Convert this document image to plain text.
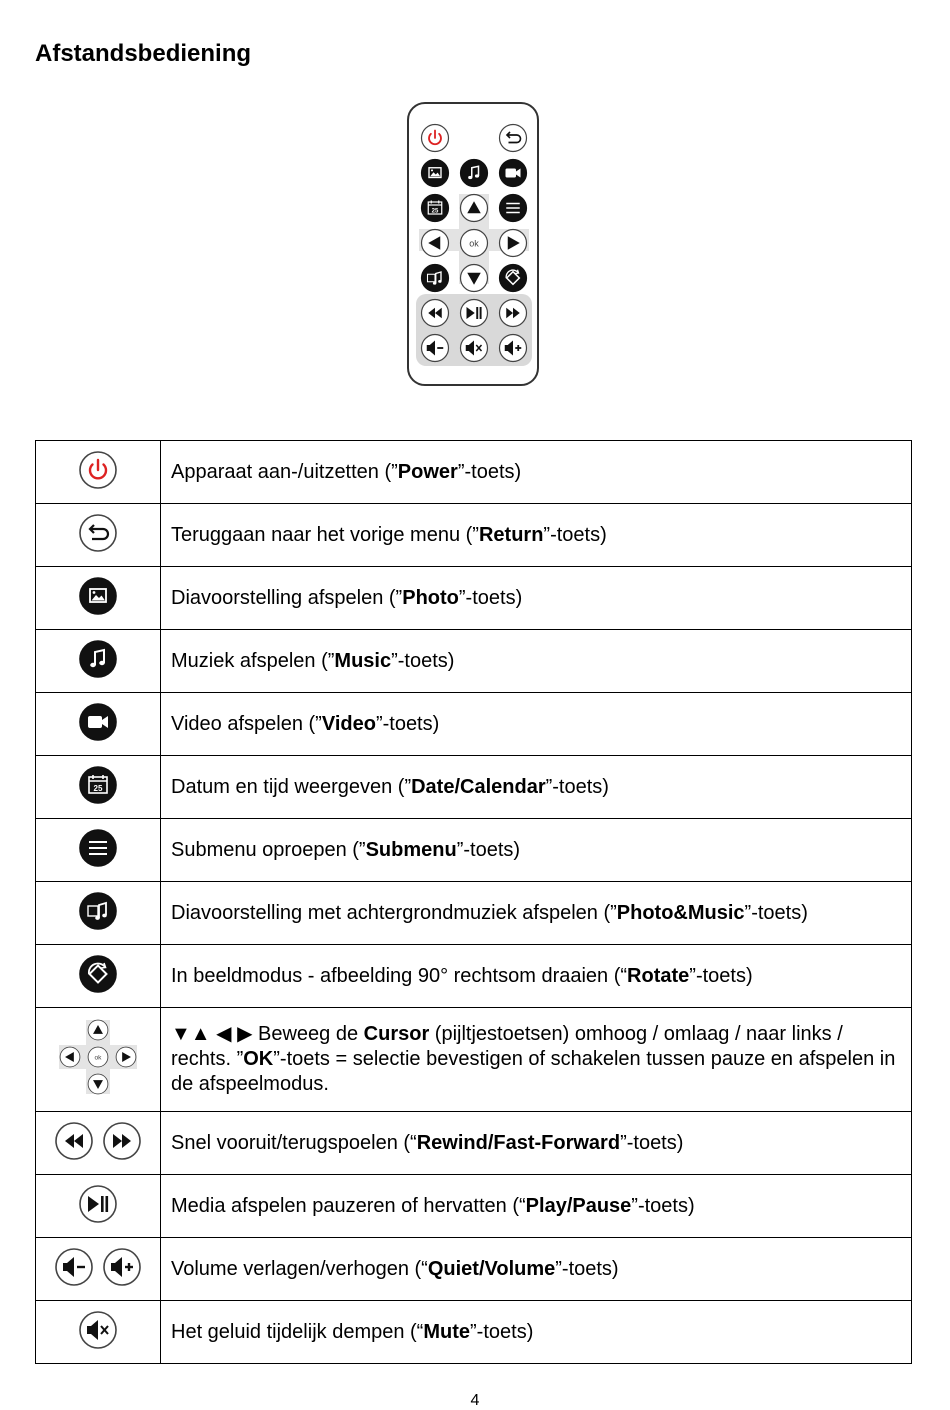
Afstandsbediening
25
ok
	Apparaat aan-/uitzetten (”Power”-toets)

	Teruggaan naar het vorige menu (”Return”-toets)

	Diavoorstelling afspelen (”Photo”-toets)

	Muziek afspelen (”Music”-toets)

	Video afspelen (”Video”-toets)

25	Datum en tijd weergeven (”Date/Calendar”-toets)

	Submenu oproepen (”Submenu”-toets)

	Diavoorstelling met achtergrondmuziek afspelen (”Photo&Music”-toets)

	In beeldmodus - afbeelding 90° rechtsom draaien (“Rotate”-toets)

ok	▼▲ ◀ ▶ Beweeg de Cursor (pijltjestoetsen) omhoog / omlaag / naar links / rechts. ”OK”-toets = selectie bevestigen of schakelen tussen pauze en afspelen in de afspeelmodus.

	Snel vooruit/terugspoelen (“Rewind/Fast-Forward”-toets)

	Media afspelen pauzeren of hervatten (“Play/Pause”-toets)

	Volume verlagen/verhogen (“Quiet/Volume”-toets)

	Het geluid tijdelijk dempen (“Mute”-toets)
4
